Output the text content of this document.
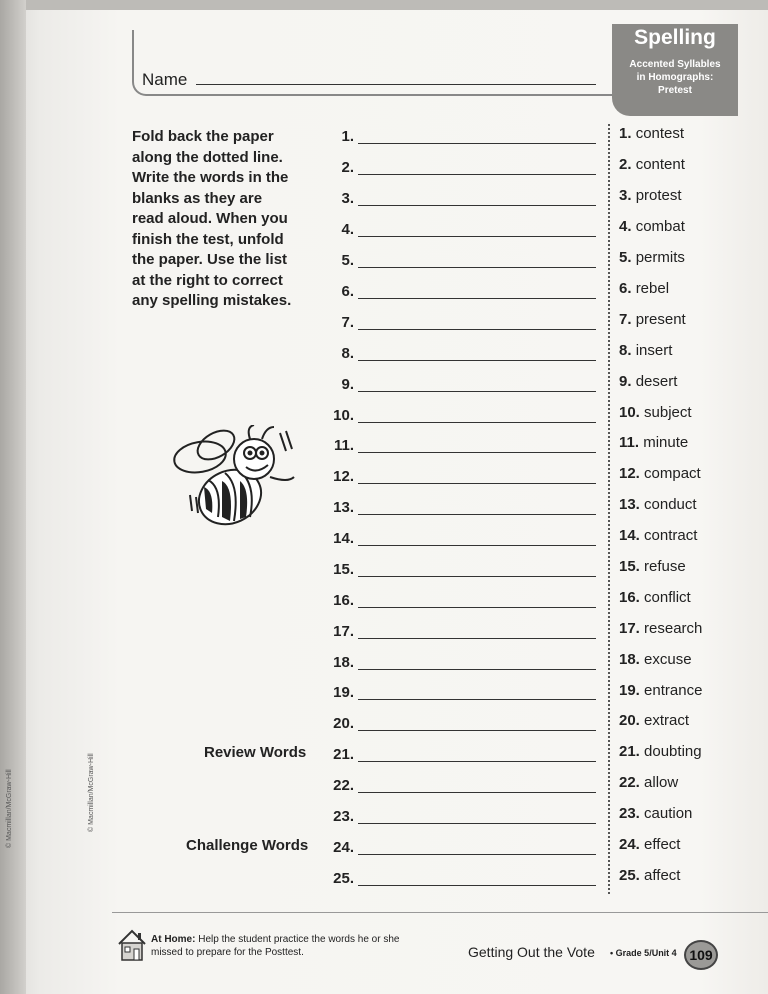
© Macmillan/McGraw-Hill	© Macmillan/McGraw-Hill
Name
Spelling
Accented Syllables
in Homographs:
Pretest
Fold back the paper
along the dotted line.
Write the words in the
blanks as they are
read aloud. When you
finish the test, unfold
the paper. Use the list
at the right to correct
any spelling mistakes.
1.
2.
3.
4.
5.
6.
7.
8.
9.
10.
11.
12.
13.
14.
15.
16.
17.
18.
19.
20.
21.
22.
23.
24.
25.
Review Words
Challenge Words
1. contest
2. content
3. protest
4. combat
5. permits
6. rebel
7. present
8. insert
9. desert
10. subject
11. minute
12. compact
13. conduct
14. contract
15. refuse
16. conflict
17. research
18. excuse
19. entrance
20. extract
21. doubting
22. allow
23. caution
24. effect
25. affect
At Home: Help the student practice the words he or she
missed to prepare for the Posttest.	Getting Out the Vote • Grade 5/Unit 4 109
